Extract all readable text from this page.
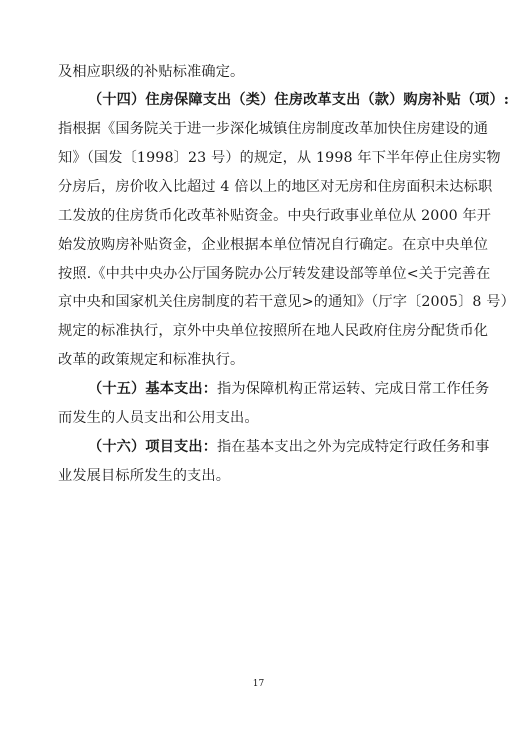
及相应职级的补贴标准确定。
（十四）住房保障支出（类）住房改革支出（款）购房补贴（项）:
指根据《国务院关于进一步深化城镇住房制度改革加快住房建设的通
知》（国发〔1998〕23 号）的规定，从 1998 年下半年停止住房实物
分房后，房价收入比超过 4 倍以上的地区对无房和住房面积未达标职
工发放的住房货币化改革补贴资金。中央行政事业单位从 2000 年开
始发放购房补贴资金，企业根据本单位情况自行确定。在京中央单位
按照.《中共中央办公厅国务院办公厅转发建设部等单位<关于完善在
京中央和国家机关住房制度的若干意见>的通知》（厅字〔2005〕8 号）
规定的标准执行，京外中央单位按照所在地人民政府住房分配货币化
改革的政策规定和标准执行。
（十五）基本支出：指为保障机构正常运转、完成日常工作任务
而发生的人员支出和公用支出。
（十六）项目支出：指在基本支出之外为完成特定行政任务和事
业发展目标所发生的支出。
17
